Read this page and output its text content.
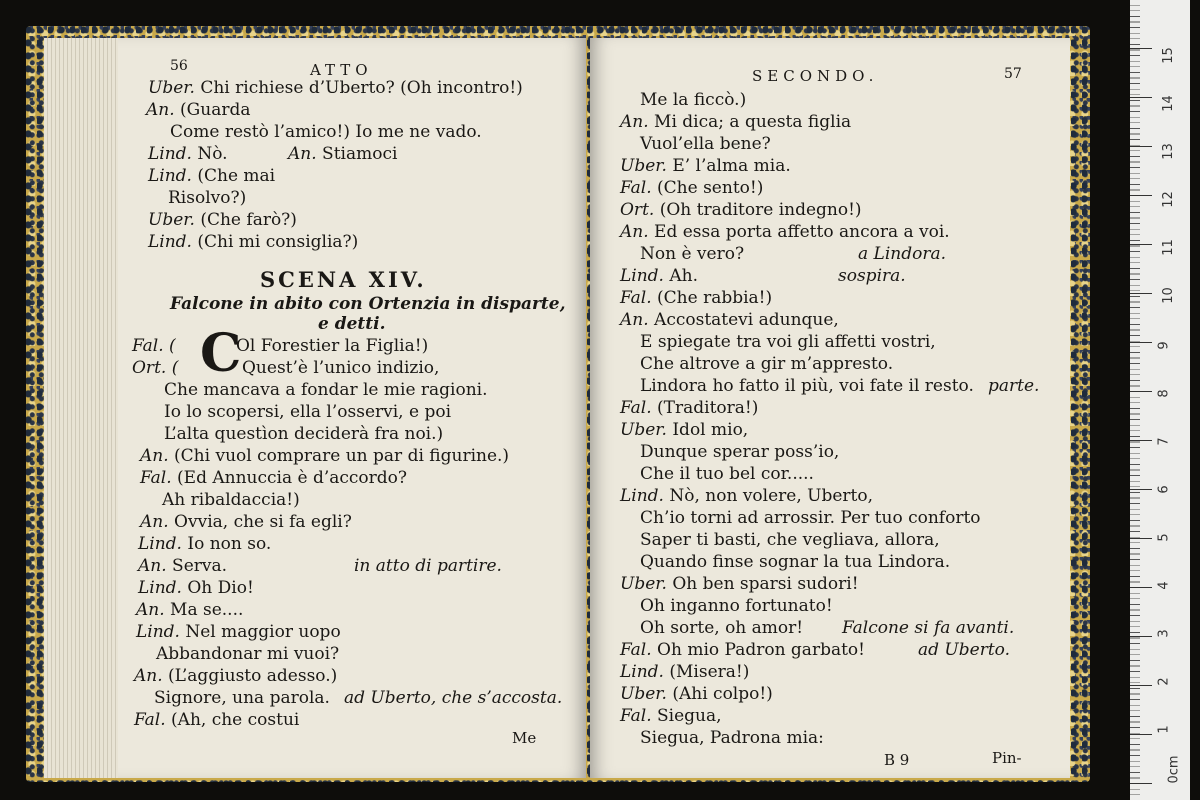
56	ATTO
Uber. Chi richiese d’Uberto? (Oh incontro!)
An. (Guarda
Come restò l’amico!) Io me ne vado.
Lind. Nò.	An. Stiamoci
Lind. (Che mai
Risolvo?)
Uber. (Che farò?)
Lind. (Chi mi consiglia?)
SCENA XIV.
Falcone in abito con Ortenzia in disparte,
e detti.
C
Fal. (	Ol Forestier la Figlia!)
Ort. (	Quest’è l’unico indizio,
Che mancava a fondar le mie ragioni.
Io lo scopersi, ella l’osservi, e poi
L’alta questìon deciderà fra noi.)
An. (Chi vuol comprare un par di figurine.)
Fal. (Ed Annuccia è d’accordo?
Ah ribaldaccia!)
An. Ovvia, che si fa egli?
Lind. Io non so.
An. Serva.	in atto di partire.
Lind. Oh Dio!
An. Ma se....
Lind. Nel maggior uopo
Abbandonar mi vuoi?
An. (L’aggiusto adesso.)
Signore, una parola. ad Uberto, che s’accosta.
Fal. (Ah, che costui
Me
SECONDO.	57
Me la ficcò.)
An. Mi dica; a questa figlia
Vuol’ella bene?
Uber. E’ l’alma mia.
Fal. (Che sento!)
Ort. (Oh traditore indegno!)
An. Ed essa porta affetto ancora a voi.
Non è vero?	a Lindora.
Lind. Ah.	sospira.
Fal. (Che rabbia!)
An. Accostatevi adunque,
E spiegate tra voi gli affetti vostri,
Che altrove a gir m’appresto.
Lindora ho fatto il più, voi fate il resto. parte.
Fal. (Traditora!)
Uber. Idol mio,
Dunque sperar poss’io,
Che il tuo bel cor.....
Lind. Nò, non volere, Uberto,
Ch’io torni ad arrossir. Per tuo conforto
Saper ti basti, che vegliava, allora,
Quando finse sognar la tua Lindora.
Uber. Oh ben sparsi sudori!
Oh inganno fortunato!
Oh sorte, oh amor! Falcone si fa avanti.
Fal. Oh mio Padron garbato!	ad Uberto.
Lind. (Misera!)
Uber. (Ahi colpo!)
Fal. Siegua,
Siegua, Padrona mia:
B 9	Pin-	0cm
1
2
3
4
5
6
7
8
9
10
11
12
13
14
15
